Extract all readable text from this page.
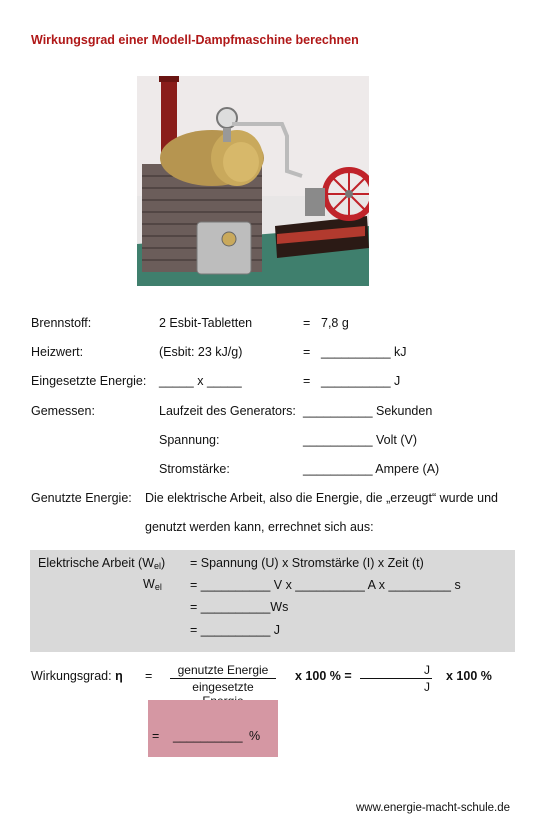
Wirkungsgrad einer Modell-Dampfmaschine berechnen
Brennstoff:	2 Esbit-Tabletten	= 7,8 g
Heizwert:	(Esbit: 23 kJ/g)	= __________ kJ
Eingesetzte Energie: _____ x _____	= __________ J
Gemessen:	Laufzeit des Generators: __________ Sekunden
Spannung:	__________ Volt (V)
Stromstärke:	__________ Ampere (A)
Genutzte Energie: Die elektrische Arbeit, also die Energie, die „erzeugt“ wurde und
genutzt werden kann, errechnet sich aus:
Elektrische Arbeit $(W_{el})$ = Spannung (U) x Stromstärke (I) x Zeit (t)
$W_{el}$ = __________ V x __________ A x _________ s
= __________Ws
= __________ J
Wirkungsgrad: η =	genutzte Energie
eingesetzte
x 100 % =	J
J
x 100 %
= __________ %
www.energie-macht-schule.de
